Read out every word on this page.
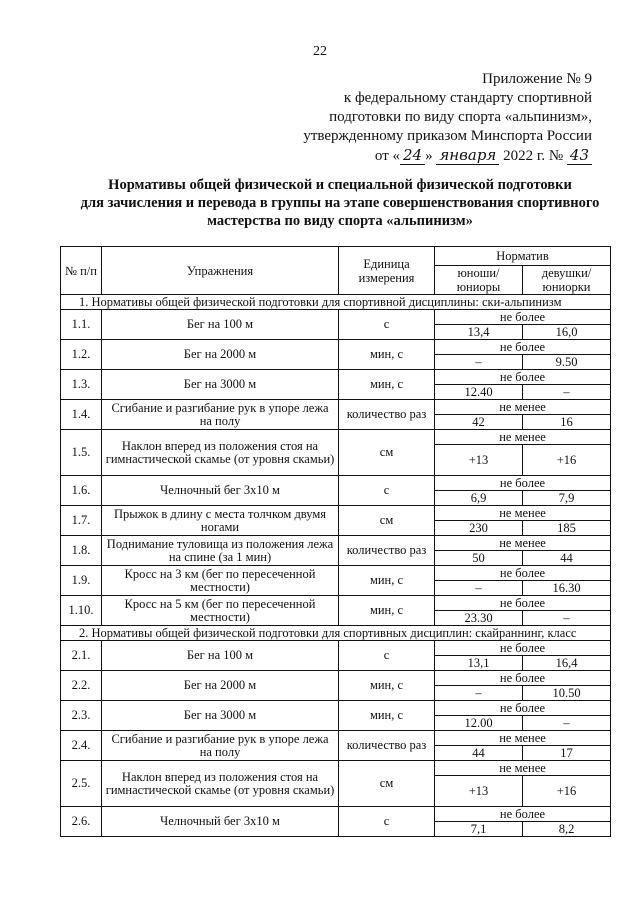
22
Приложение № 9
к федеральному стандарту спортивной
подготовки по виду спорта «альпинизм»,
утвержденному приказом Минспорта России
от « 24 » января 2022 г. № 43
Нормативы общей физической и специальной физической подготовки
для зачисления и перевода в группы на этапе совершенствования спортивного
мастерства по виду спорта «альпинизм»
№ п/п	Упражнения	Единица измерения	Норматив	
			юноши/ юниоры	девушки/ юниорки
1. Нормативы общей физической подготовки для спортивной дисциплины: ски-альпинизм				
1.1.	Бег на 100 м	с	не более	
			13,4	16,0
1.2.	Бег на 2000 м	мин, с	не более	
			–	9.50
1.3.	Бег на 3000 м	мин, с	не более	
			12.40	–
1.4.	Сгибание и разгибание рук в упоре лежа на полу	количество раз	не менее	
			42	16
1.5.	Наклон вперед из положения стоя на гимнастической скамье (от уровня скамьи)	см	не менее	
			+13	+16
1.6.	Челночный бег 3х10 м	с	не более	
			6,9	7,9
1.7.	Прыжок в длину с места толчком двумя ногами	см	не менее	
			230	185
1.8.	Поднимание туловища из положения лежа на спине (за 1 мин)	количество раз	не менее	
			50	44
1.9.	Кросс на 3 км (бег по пересеченной местности)	мин, с	не более	
			–	16.30
1.10.	Кросс на 5 км (бег по пересеченной местности)	мин, с	не более	
			23.30	–
2. Нормативы общей физической подготовки для спортивных дисциплин: скайраннинг, класс				
2.1.	Бег на 100 м	с	не более	
			13,1	16,4
2.2.	Бег на 2000 м	мин, с	не более	
			–	10.50
2.3.	Бег на 3000 м	мин, с	не более	
			12.00	–
2.4.	Сгибание и разгибание рук в упоре лежа на полу	количество раз	не менее	
			44	17
2.5.	Наклон вперед из положения стоя на гимнастической скамье (от уровня скамьи)	см	не менее	
			+13	+16
2.6.	Челночный бег 3х10 м	с	не более	
			7,1	8,2
